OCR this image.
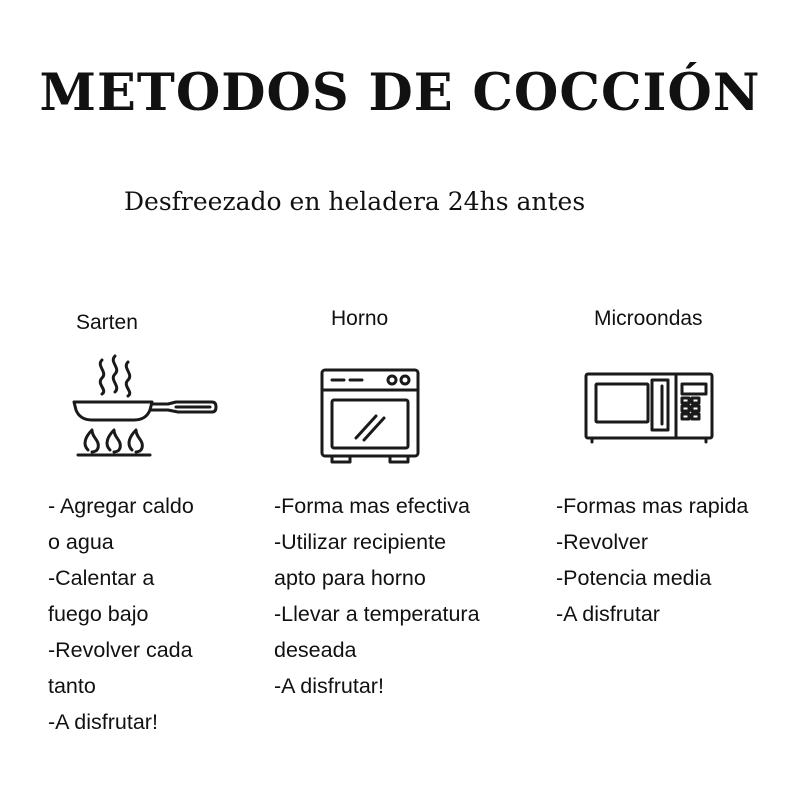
METODOS DE COCCIÓN
Desfreezado en heladera 24hs antes
Sarten
- Agregar caldo
o agua
-Calentar a
fuego bajo
-Revolver cada
tanto
-A disfrutar!
Horno
-Forma mas efectiva
-Utilizar recipiente
apto para horno
-Llevar a temperatura
deseada
-A disfrutar!
Microondas
-Formas mas rapida
-Revolver
-Potencia media
-A disfrutar
